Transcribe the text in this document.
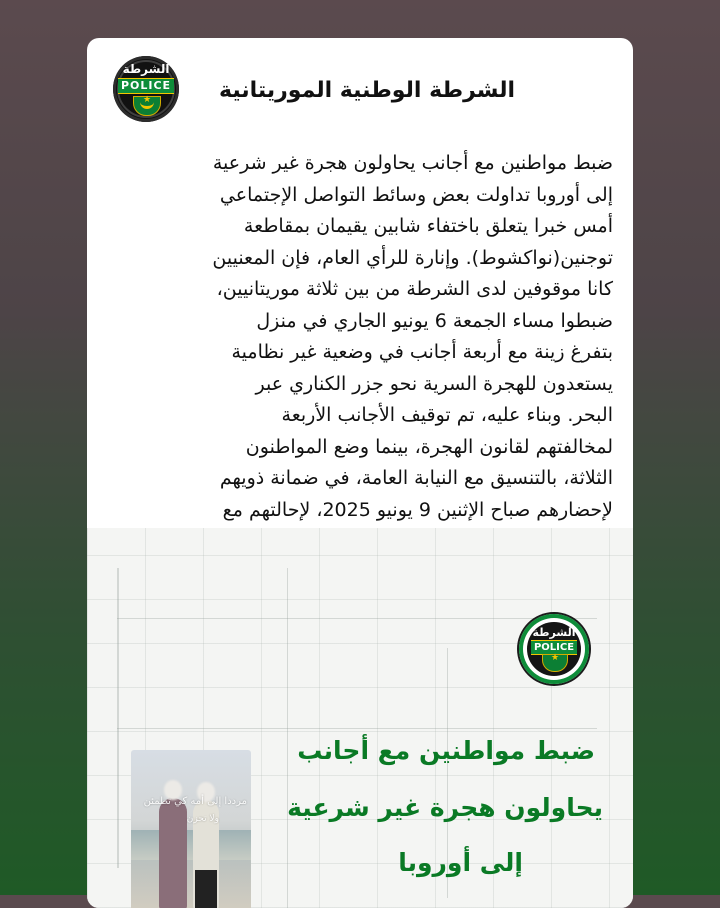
الشرطة
POLICE
★	الشرطة الوطنية الموريتانية
ضبط مواطنين مع أجانب يحاولون هجرة غير شرعية
إلى أوروبا تداولت بعض وسائط التواصل الإجتماعي
أمس خبرا يتعلق باختفاء شابين يقيمان بمقاطعة
توجنين(نواكشوط). وإنارة للرأي العام، فإن المعنيين
كانا موقوفين لدى الشرطة من بين ثلاثة موريتانيين،
ضبطوا مساء الجمعة 6 يونيو الجاري في منزل
بتفرغ زينة مع أربعة أجانب في وضعية غير نظامية
يستعدون للهجرة السرية نحو جزر الكناري عبر
البحر. وبناء عليه، تم توقيف الأجانب الأربعة
لمخالفتهم لقانون الهجرة، بينما وضع المواطنون
الثلاثة، بالتنسيق مع النيابة العامة، في ضمانة ذويهم
لإحضارهم صباح الإثنين 9 يونيو 2025، لإحالتهم مع

مرددا إلى أمه كي تطمئن
ولا تحزن
الشرطة
POLICE
★
ضبط مواطنين مع أجانب
يحاولون هجرة غير شرعية
إلى أوروبا
